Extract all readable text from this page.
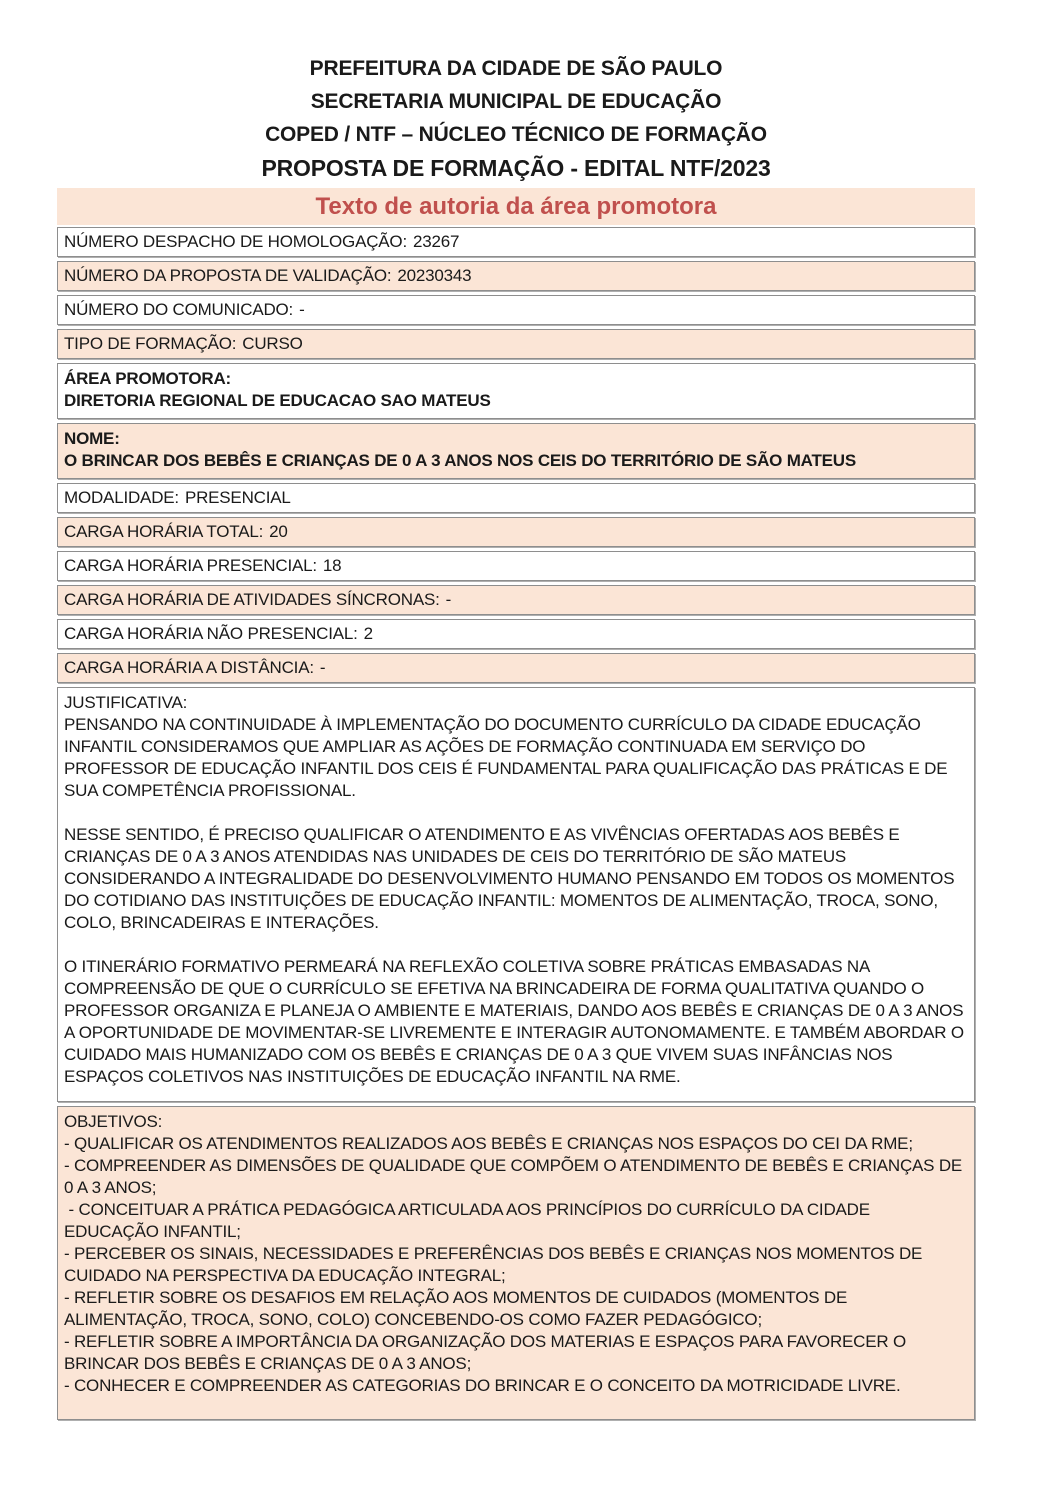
PREFEITURA DA CIDADE DE SÃO PAULO
SECRETARIA MUNICIPAL DE EDUCAÇÃO
COPED / NTF – NÚCLEO TÉCNICO DE FORMAÇÃO
PROPOSTA DE FORMAÇÃO - EDITAL NTF/2023
Texto de autoria da área promotora
NÚMERO DESPACHO DE HOMOLOGAÇÃO: 23267
NÚMERO DA PROPOSTA DE VALIDAÇÃO: 20230343
NÚMERO DO COMUNICADO: -
TIPO DE FORMAÇÃO: CURSO
ÁREA PROMOTORA:
DIRETORIA REGIONAL DE EDUCACAO SAO MATEUS
NOME:
O BRINCAR DOS BEBÊS E CRIANÇAS DE 0 A 3 ANOS NOS CEIS DO TERRITÓRIO DE SÃO MATEUS
MODALIDADE: PRESENCIAL
CARGA HORÁRIA TOTAL: 20
CARGA HORÁRIA PRESENCIAL: 18
CARGA HORÁRIA DE ATIVIDADES SÍNCRONAS: -
CARGA HORÁRIA NÃO PRESENCIAL: 2
CARGA HORÁRIA A DISTÂNCIA: -
JUSTIFICATIVA:

PENSANDO NA CONTINUIDADE À IMPLEMENTAÇÃO DO DOCUMENTO CURRÍCULO DA CIDADE EDUCAÇÃO INFANTIL CONSIDERAMOS QUE AMPLIAR AS AÇÕES DE FORMAÇÃO CONTINUADA EM SERVIÇO DO PROFESSOR DE EDUCAÇÃO INFANTIL DOS CEIS É FUNDAMENTAL PARA QUALIFICAÇÃO DAS PRÁTICAS E DE SUA COMPETÊNCIA PROFISSIONAL.

NESSE SENTIDO, É PRECISO QUALIFICAR O ATENDIMENTO E AS VIVÊNCIAS OFERTADAS AOS BEBÊS E CRIANÇAS DE 0 A 3 ANOS ATENDIDAS NAS UNIDADES DE CEIS DO TERRITÓRIO DE SÃO MATEUS CONSIDERANDO A INTEGRALIDADE DO DESENVOLVIMENTO HUMANO PENSANDO EM TODOS OS MOMENTOS DO COTIDIANO DAS INSTITUIÇÕES DE EDUCAÇÃO INFANTIL: MOMENTOS DE ALIMENTAÇÃO, TROCA, SONO, COLO, BRINCADEIRAS E INTERAÇÕES.

O ITINERÁRIO FORMATIVO PERMEARÁ NA REFLEXÃO COLETIVA SOBRE PRÁTICAS EMBASADAS NA COMPREENSÃO DE QUE O CURRÍCULO SE EFETIVA NA BRINCADEIRA DE FORMA QUALITATIVA QUANDO O PROFESSOR ORGANIZA E PLANEJA O AMBIENTE E MATERIAIS, DANDO AOS BEBÊS E CRIANÇAS DE 0 A 3 ANOS A OPORTUNIDADE DE MOVIMENTAR-SE LIVREMENTE E INTERAGIR AUTONOMAMENTE. E TAMBÉM ABORDAR O CUIDADO MAIS HUMANIZADO COM OS BEBÊS E CRIANÇAS DE 0 A 3 QUE VIVEM SUAS INFÂNCIAS NOS ESPAÇOS COLETIVOS NAS INSTITUIÇÕES DE EDUCAÇÃO INFANTIL NA RME.

OBJETIVOS:
- QUALIFICAR OS ATENDIMENTOS REALIZADOS AOS BEBÊS E CRIANÇAS NOS ESPAÇOS DO CEI DA RME;
- COMPREENDER AS DIMENSÕES DE QUALIDADE QUE COMPÕEM O ATENDIMENTO DE BEBÊS E CRIANÇAS DE 0 A 3 ANOS;
- CONCEITUAR A PRÁTICA PEDAGÓGICA ARTICULADA AOS PRINCÍPIOS DO CURRÍCULO DA CIDADE EDUCAÇÃO INFANTIL;
- PERCEBER OS SINAIS, NECESSIDADES E PREFERÊNCIAS DOS BEBÊS E CRIANÇAS NOS MOMENTOS DE CUIDADO NA PERSPECTIVA DA EDUCAÇÃO INTEGRAL;
- REFLETIR SOBRE OS DESAFIOS EM RELAÇÃO AOS MOMENTOS DE CUIDADOS (MOMENTOS DE ALIMENTAÇÃO, TROCA, SONO, COLO) CONCEBENDO-OS COMO FAZER PEDAGÓGICO;
- REFLETIR SOBRE A IMPORTÂNCIA DA ORGANIZAÇÃO DOS MATERIAS E ESPAÇOS PARA FAVORECER O BRINCAR DOS BEBÊS E CRIANÇAS DE 0 A 3 ANOS;
- CONHECER E COMPREENDER AS CATEGORIAS DO BRINCAR E O CONCEITO DA MOTRICIDADE LIVRE.
